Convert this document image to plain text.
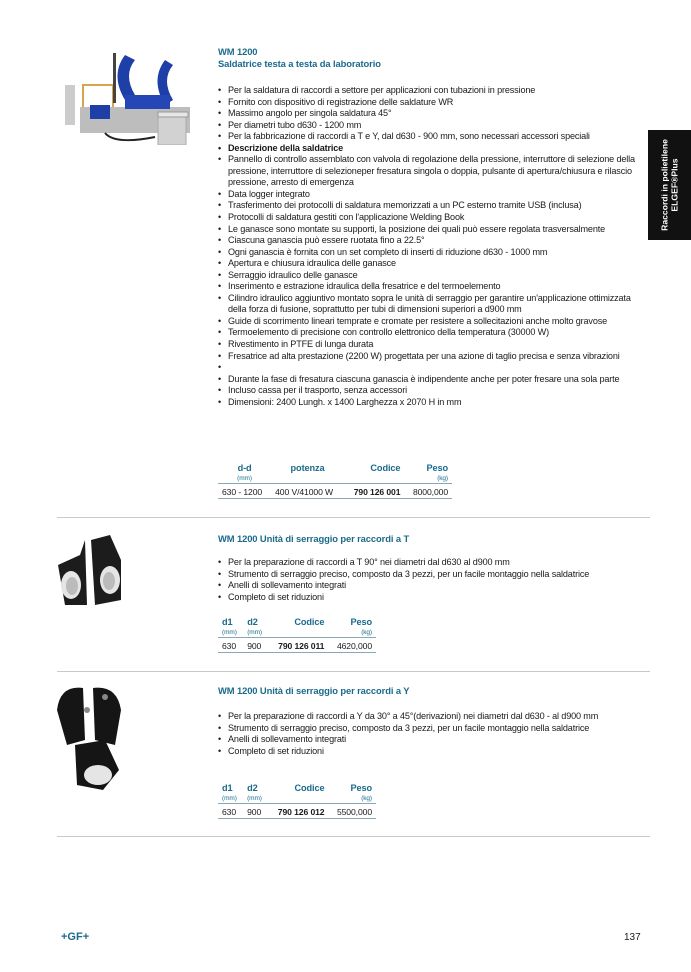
Raccordi in polietilene ELGEF®Plus
WM 1200
Saldatrice testa a testa da laboratorio
• Per la saldatura di raccordi a settore per applicazioni con tubazioni in pressione
• Fornito con dispositivo di registrazione delle saldature WR
• Massimo angolo per singola saldatura 45°
• Per diametri tubo d630 - 1200 mm
• Per la fabbricazione di raccordi a T e Y, dal d630 - 900 mm, sono necessari accessori speciali
• Descrizione della saldatrice
• Pannello di controllo assemblato con valvola di regolazione della pressione, interruttore di selezione della pressione, interruttore di selezioneper fresatura singola o doppia, pulsante di apertura/chiusura e rilascio pressione, arresto di emergenza
• Data logger integrato
• Trasferimento dei protocolli di saldatura memorizzati a un PC esterno tramite USB (inclusa)
• Protocolli di saldatura gestiti con l'applicazione Welding Book
• Le ganasce sono montate su supporti, la posizione dei quali può essere regolata trasversalmente
• Ciascuna ganascia può essere ruotata fino a 22.5°
• Ogni ganascia è fornita con un set completo di inserti di riduzione d630 - 1000 mm
• Apertura e chiusura idraulica delle ganasce
• Serraggio idraulico delle ganasce
• Inserimento e estrazione idraulica della fresatrice e del termoelemento
• Cilindro idraulico aggiuntivo montato sopra le unità di serraggio per garantire un'applicazione ottimizzata della forza di fusione, soprattutto per tubi di dimensioni superiori a d900 mm
• Guide di scorrimento lineari temprate e cromate per resistere a sollecitazioni anche molto gravose
• Termoelemento di precisione con controllo elettronico della temperatura (30000 W)
• Rivestimento in PTFE di lunga durata
• Fresatrice ad alta prestazione (2200 W) progettata per una azione di taglio precisa e senza vibrazioni
•
• Durante la fase di fresatura ciascuna ganascia è indipendente anche per poter fresare una sola parte
• Incluso cassa per il trasporto, senza accessori
• Dimensioni: 2400 Lungh. x 1400 Larghezza x 2070 H in mm
d-d	potenza	Codice	Peso
(mm)			(kg)
630 - 1200	400 V/41000 W	790 126 001	8000,000
WM 1200 Unità di serraggio per raccordi a T
• Per la preparazione di raccordi a T 90° nei diametri dal d630 al d900 mm
• Strumento di serraggio preciso, composto da 3 pezzi, per un facile montaggio nella saldatrice
• Anelli di sollevamento integrati
• Completo di set riduzioni
d1	d2	Codice	Peso
(mm)	(mm)		(kg)
630	900	790 126 011	4620,000
WM 1200 Unità di serraggio per raccordi a Y
• Per la preparazione di raccordi a Y da 30° a 45°(derivazioni) nei diametri dal d630 - al d900 mm
• Strumento di serraggio preciso, composto da 3 pezzi, per un facile montaggio nella saldatrice
• Anelli di sollevamento integrati
• Completo di set riduzioni
d1	d2	Codice	Peso
(mm)	(mm)		(kg)
630	900	790 126 012	5500,000
+GF+	137
